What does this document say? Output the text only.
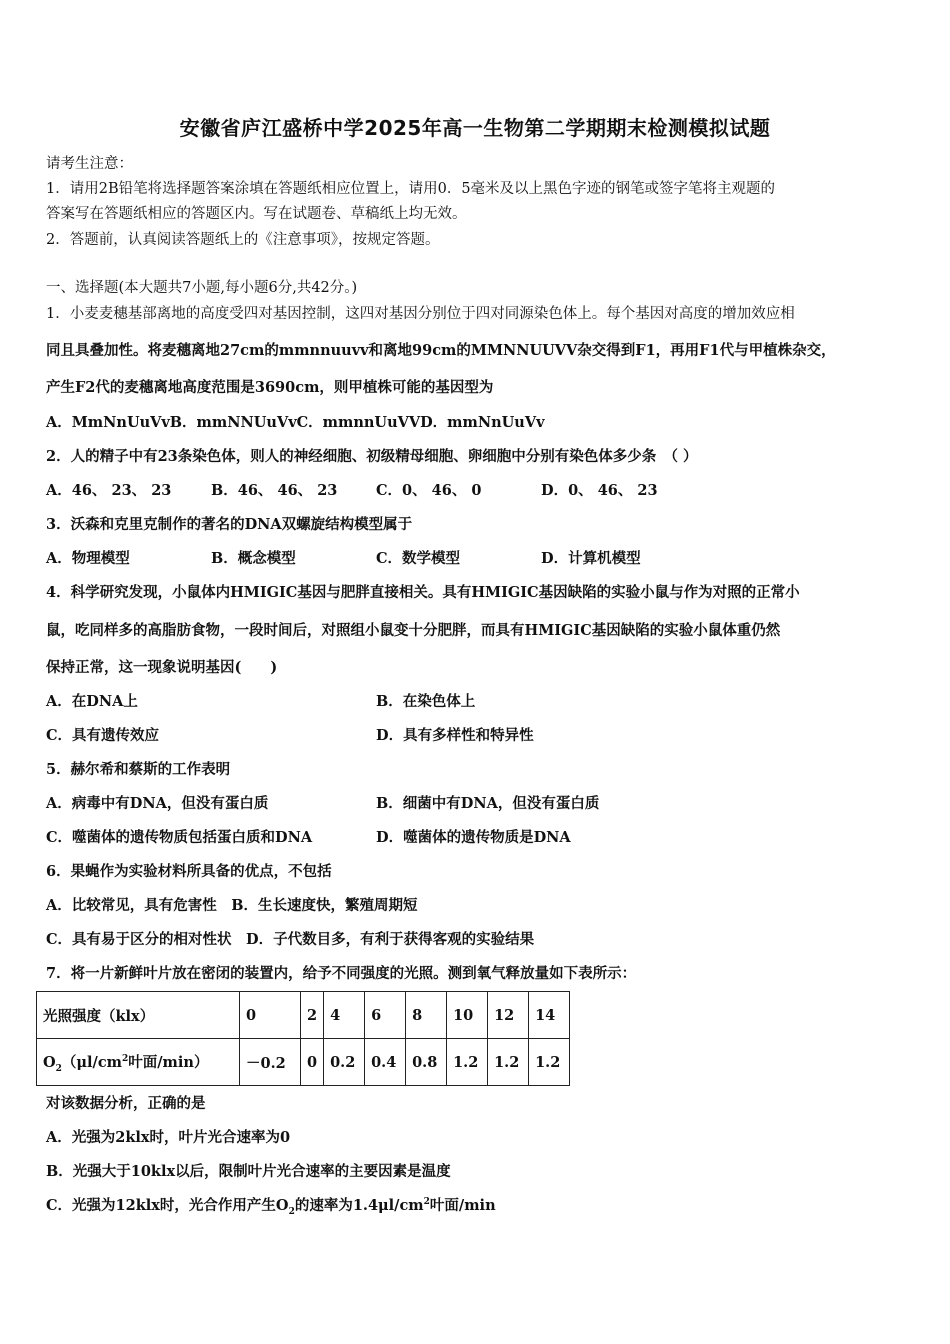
安徽省庐江盛桥中学2025年高一生物第二学期期末检测模拟试题
请考生注意：
1．请用2B铅笔将选择题答案涂填在答题纸相应位置上，请用0．5毫米及以上黑色字迹的钢笔或签字笔将主观题的
答案写在答题纸相应的答题区内。写在试题卷、草稿纸上均无效。
2．答题前，认真阅读答题纸上的《注意事项》，按规定答题。
一、选择题(本大题共7小题,每小题6分,共42分。)
1．小麦麦穗基部离地的高度受四对基因控制，这四对基因分别位于四对同源染色体上。每个基因对高度的增加效应相
同且具叠加性。将麦穗离地27cm的mmnnuuvv和离地99cm的MMNNUUVV杂交得到F1，再用F1代与甲植株杂交，
产生F2代的麦穗离地高度范围是3690cm，则甲植株可能的基因型为
A．MmNnUuVvB．mmNNUuVvC．mmnnUuVVD．mmNnUuVv
2．人的精子中有23条染色体，则人的神经细胞、初级精母细胞、卵细胞中分别有染色体多少条　（ ）
A．46、 23、 23	B．46、 46、 23	C．0、 46、 0	D．0、 46、 23
3．沃森和克里克制作的著名的DNA双螺旋结构模型属于
A．物理模型	B．概念模型	C．数学模型	D．计算机模型
4．科学研究发现，小鼠体内HMIGIC基因与肥胖直接相关。具有HMIGIC基因缺陷的实验小鼠与作为对照的正常小
鼠，吃同样多的高脂肪食物，一段时间后，对照组小鼠变十分肥胖，而具有HMIGIC基因缺陷的实验小鼠体重仍然
保持正常，这一现象说明基因(　　)
A．在DNA上	B．在染色体上
C．具有遗传效应	D．具有多样性和特异性
5．赫尔希和蔡斯的工作表明
A．病毒中有DNA，但没有蛋白质	B．细菌中有DNA，但没有蛋白质
C．噬菌体的遗传物质包括蛋白质和DNA	D．噬菌体的遗传物质是DNA
6．果蝇作为实验材料所具备的优点，不包括
A．比较常见，具有危害性　B．生长速度快，繁殖周期短
C．具有易于区分的相对性状　D．子代数目多，有利于获得客观的实验结果
7．将一片新鲜叶片放在密闭的装置内，给予不同强度的光照。测到氧气释放量如下表所示：
光照强度（klx）	0	2	4	6	8	10	12	14
$O_2(\mu l/cm^2$叶面/min）	－0.2	0	0.2	0.4	0.8	1.2	1.2	1.2
对该数据分析，正确的是
A．光强为2klx时，叶片光合速率为0
B．光强大于10klx以后，限制叶片光合速率的主要因素是温度
C．光强为12klx时，光合作用产生$O_2$的速率为$1.4\mu l/cm^2$叶面/min
